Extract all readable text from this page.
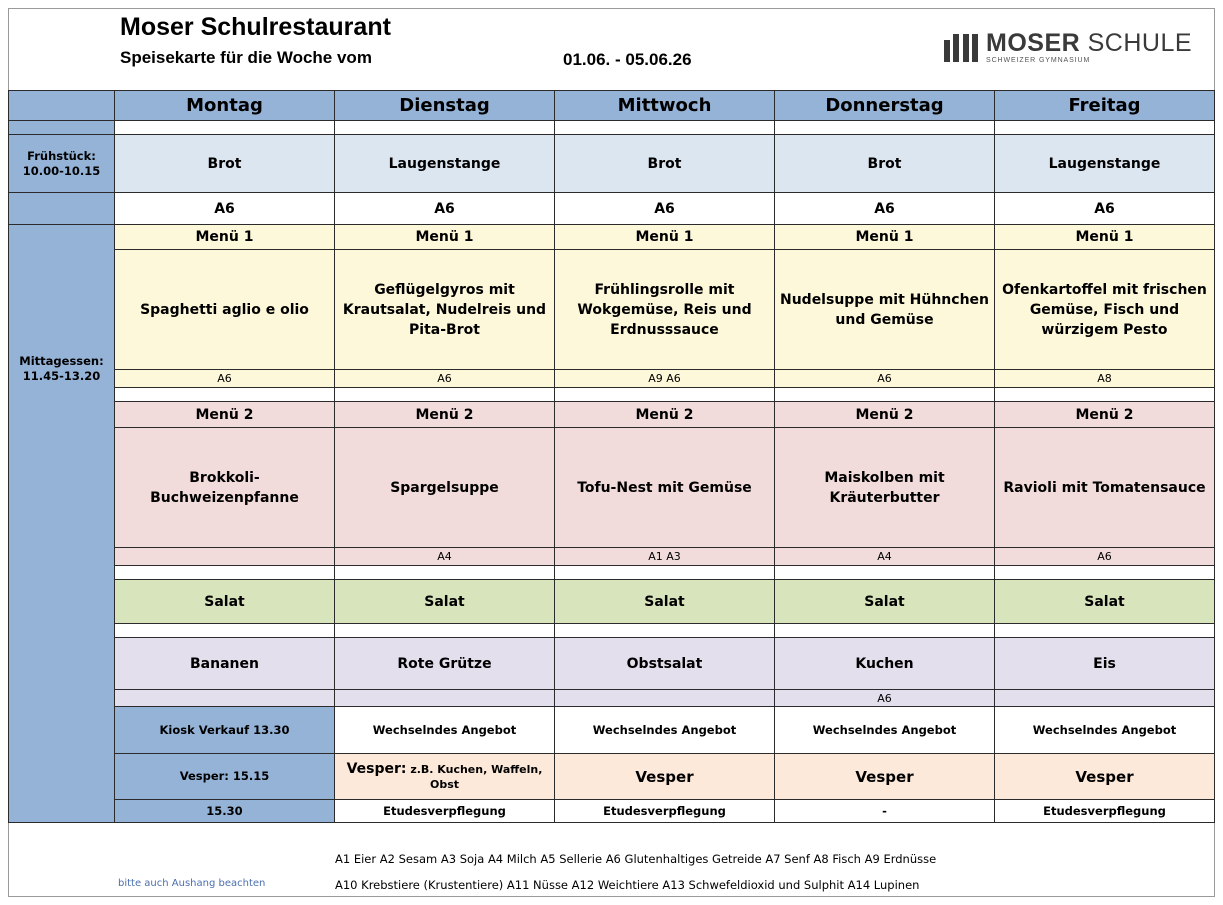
Moser Schulrestaurant
Speisekarte für die Woche vom	01.06. - 05.06.26
MOSER SCHULE
SCHWEIZER GYMNASIUM
	Montag	Dienstag	Mittwoch	Donnerstag	Freitag	

Frühstück: 10.00-10.15	Brot	Laugenstange	Brot	Brot	Laugenstange	
	A6	A6	A6	A6	A6	
Mittagessen: 11.45-13.20	Menü 1	Menü 1	Menü 1	Menü 1	Menü 1	
	Spaghetti aglio e olio	Geflügelgyros mit Krautsalat, Nudelreis und Pita-Brot	Frühlingsrolle mit Wokgemüse, Reis und Erdnusssauce	Nudelsuppe mit Hühnchen und Gemüse	Ofenkartoffel mit frischen Gemüse, Fisch und würzigem Pesto	
	A6	A6	A9 A6	A6	A8	

	Menü 2	Menü 2	Menü 2	Menü 2	Menü 2	
	Brokkoli-Buchweizenpfanne	Spargelsuppe	Tofu-Nest mit Gemüse	Maiskolben mit Kräuterbutter	Ravioli mit Tomatensauce	
		A4	A1 A3	A4	A6	

	Salat	Salat	Salat	Salat	Salat	

	Bananen	Rote Grütze	Obstsalat	Kuchen	Eis	
				A6		
	Kiosk Verkauf 13.30	Wechselndes Angebot	Wechselndes Angebot	Wechselndes Angebot	Wechselndes Angebot	
	Vesper: 15.15	Vesper: z.B. Kuchen, Waffeln, Obst	Vesper	Vesper	Vesper	
	15.30	Etudesverpflegung	Etudesverpflegung	-	Etudesverpflegung	
A1 Eier A2 Sesam A3 Soja A4 Milch A5 Sellerie A6 Glutenhaltiges Getreide A7 Senf A8 Fisch A9 Erdnüsse
A10 Krebstiere (Krustentiere) A11 Nüsse A12 Weichtiere A13 Schwefeldioxid und Sulphit A14 Lupinen
bitte auch Aushang beachten
